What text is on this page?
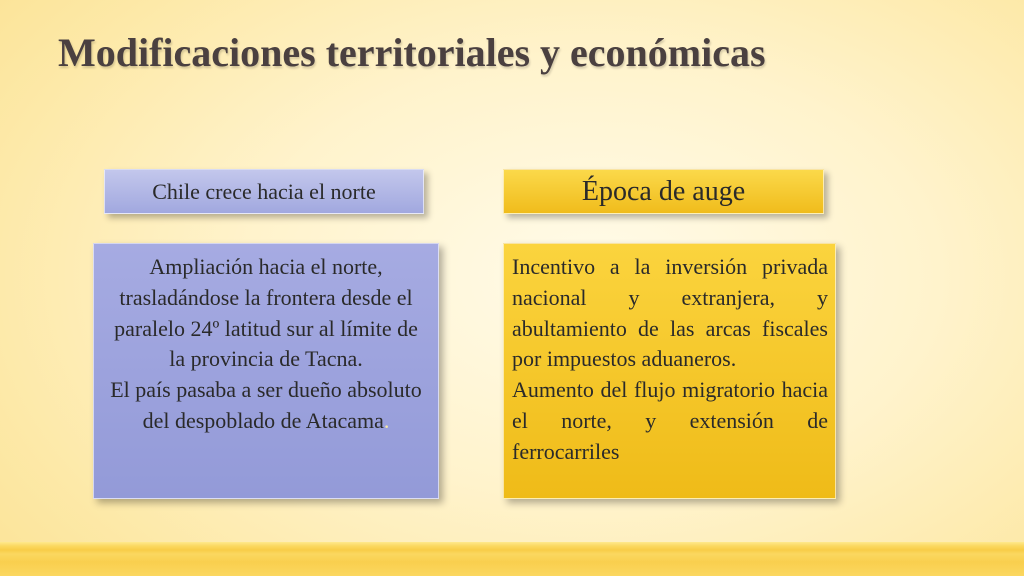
Modificaciones territoriales y económicas
Chile crece hacia el norte	Época de auge

Ampliación hacia el norte, trasladándose la frontera desde el paralelo 24º latitud sur al límite de la provincia de Tacna.

El país pasaba a ser dueño absoluto del despoblado de Atacama.

Incentivo a la inversión privada nacional y extranjera, y abultamiento de las arcas fiscales por impuestos aduaneros.

Aumento del flujo migratorio hacia el norte, y extensión de ferrocarriles
